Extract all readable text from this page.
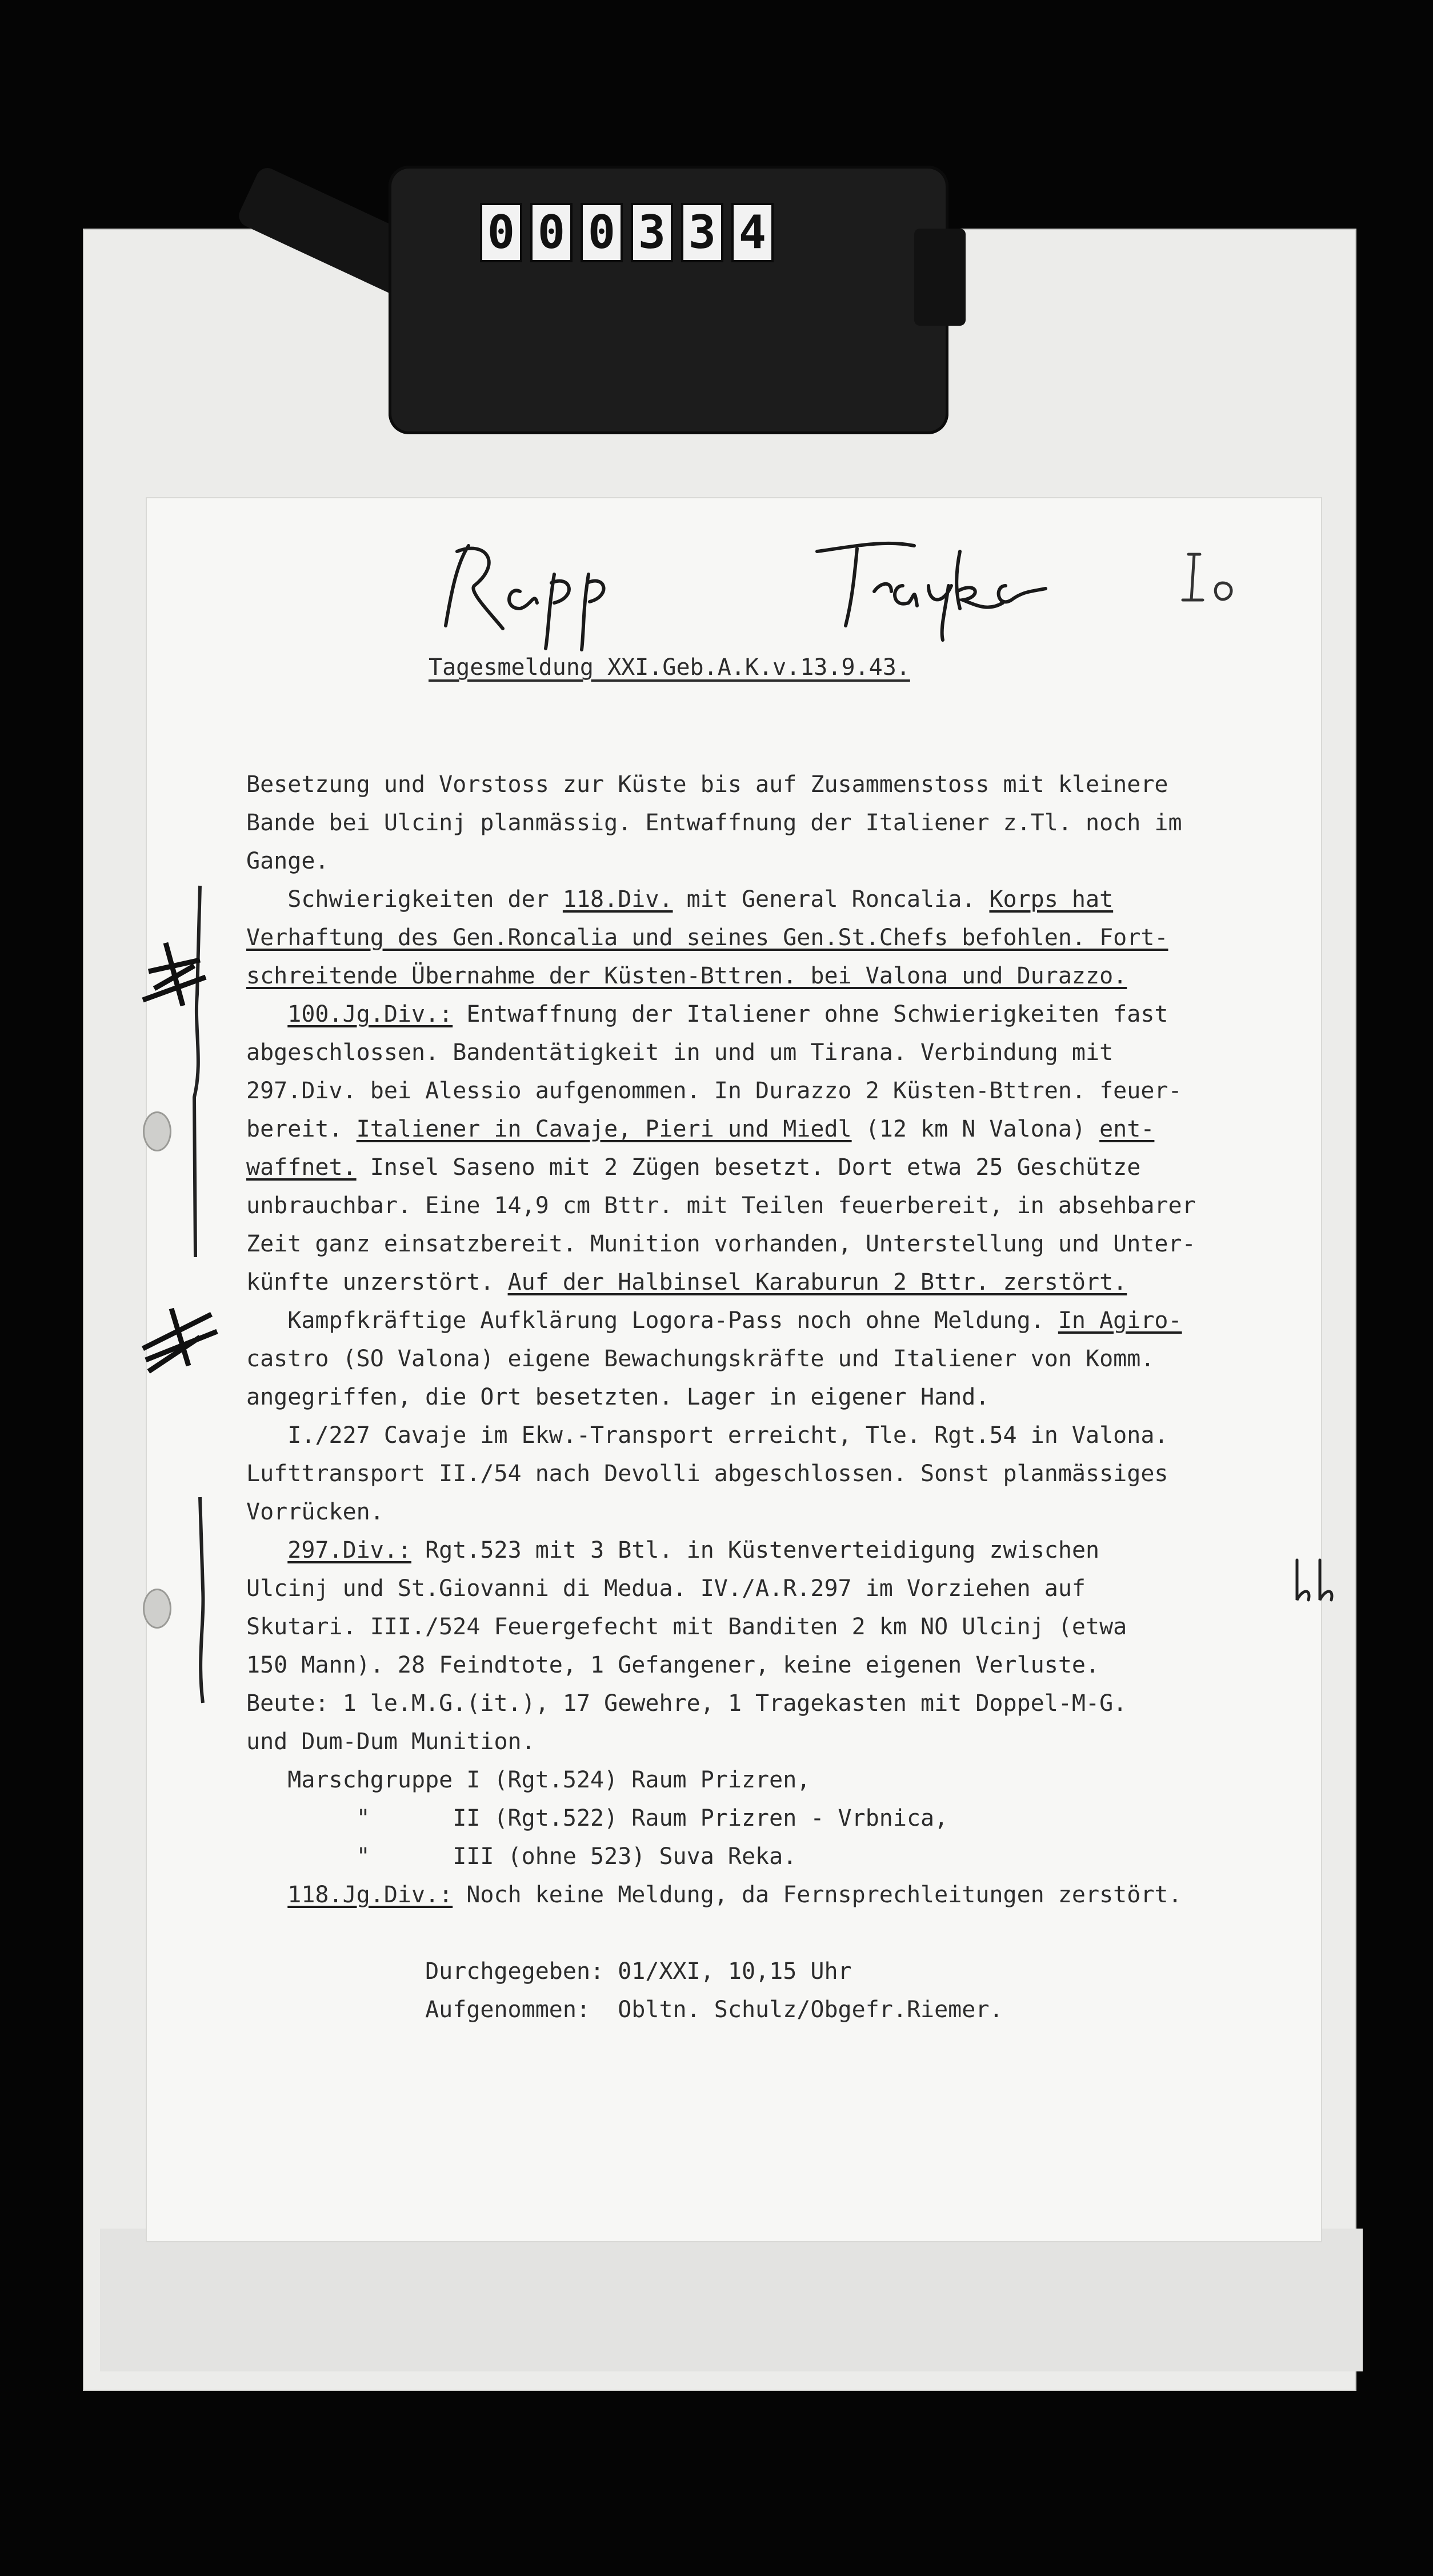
0 0 0 3 3 4
Tagesmeldung XXI.Geb.A.K.v.13.9.43.
Besetzung und Vorstoss zur Küste bis auf Zusammenstoss mit kleinere
Bande bei Ulcinj planmässig. Entwaffnung der Italiener z.Tl. noch im
Gange.
Schwierigkeiten der 118.Div. mit General Roncalia. Korps hat
Verhaftung des Gen.Roncalia und seines Gen.St.Chefs befohlen. Fort-
schreitende Übernahme der Küsten-Bttren. bei Valona und Durazzo.
100.Jg.Div.: Entwaffnung der Italiener ohne Schwierigkeiten fast
abgeschlossen. Bandentätigkeit in und um Tirana. Verbindung mit
297.Div. bei Alessio aufgenommen. In Durazzo 2 Küsten-Bttren. feuer-
bereit. Italiener in Cavaje, Pieri und Miedl (12 km N Valona) ent-
waffnet. Insel Saseno mit 2 Zügen besetzt. Dort etwa 25 Geschütze
unbrauchbar. Eine 14,9 cm Bttr. mit Teilen feuerbereit, in absehbarer
Zeit ganz einsatzbereit. Munition vorhanden, Unterstellung und Unter-
künfte unzerstört. Auf der Halbinsel Karaburun 2 Bttr. zerstört.
Kampfkräftige Aufklärung Logora-Pass noch ohne Meldung. In Agiro-
castro (SO Valona) eigene Bewachungskräfte und Italiener von Komm.
angegriffen, die Ort besetzten. Lager in eigener Hand.
I./227 Cavaje im Ekw.-Transport erreicht, Tle. Rgt.54 in Valona.
Lufttransport II./54 nach Devolli abgeschlossen. Sonst planmässiges
Vorrücken.
297.Div.: Rgt.523 mit 3 Btl. in Küstenverteidigung zwischen
Ulcinj und St.Giovanni di Medua. IV./A.R.297 im Vorziehen auf
Skutari. III./524 Feuergefecht mit Banditen 2 km NO Ulcinj (etwa
150 Mann). 28 Feindtote, 1 Gefangener, keine eigenen Verluste.
Beute: 1 le.M.G.(it.), 17 Gewehre, 1 Tragekasten mit Doppel-M-G.
und Dum-Dum Munition.
Marschgruppe I (Rgt.524) Raum Prizren,
"      II (Rgt.522) Raum Prizren - Vrbnica,
"      III (ohne 523) Suva Reka.
118.Jg.Div.: Noch keine Meldung, da Fernsprechleitungen zerstört.
Durchgegeben: 01/XXI, 10,15 Uhr
Aufgenommen:  Obltn. Schulz/Obgefr.Riemer.
